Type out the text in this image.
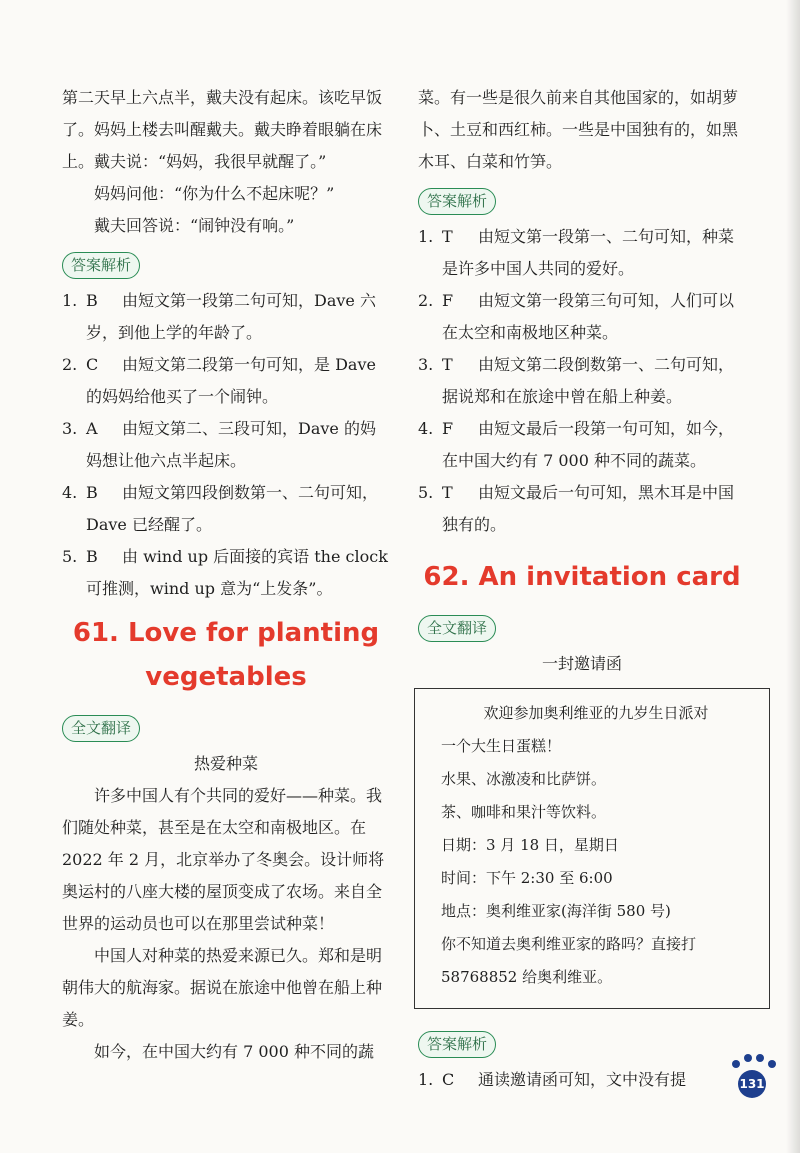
第二天早上六点半，戴夫没有起床。该吃早饭了。妈妈上楼去叫醒戴夫。戴夫睁着眼躺在床上。戴夫说：“妈妈，我很早就醒了。”

妈妈问他：“你为什么不起床呢？”

戴夫回答说：“闹钟没有响。”

答案解析
1. B 由短文第一段第二句可知，Dave 六岁，到他上学的年龄了。
2. C 由短文第二段第一句可知，是 Dave 的妈妈给他买了一个闹钟。
3. A 由短文第二、三段可知，Dave 的妈妈想让他六点半起床。
4. B 由短文第四段倒数第一、二句可知，Dave 已经醒了。
5. B 由 wind up 后面接的宾语 the clock 可推测，wind up 意为“上发条”。
61. Love for planting
vegetables
全文翻译

热爱种菜

许多中国人有个共同的爱好——种菜。我们随处种菜，甚至是在太空和南极地区。在 2022 年 2 月，北京举办了冬奥会。设计师将奥运村的八座大楼的屋顶变成了农场。来自全世界的运动员也可以在那里尝试种菜！

中国人对种菜的热爱来源已久。郑和是明朝伟大的航海家。据说在旅途中他曾在船上种姜。

如今，在中国大约有 7 000 种不同的蔬

菜。有一些是很久前来自其他国家的，如胡萝卜、土豆和西红柿。一些是中国独有的，如黑木耳、白菜和竹笋。

答案解析
1. T 由短文第一段第一、二句可知，种菜是许多中国人共同的爱好。
2. F 由短文第一段第三句可知，人们可以在太空和南极地区种菜。
3. T 由短文第二段倒数第一、二句可知，据说郑和在旅途中曾在船上种姜。
4. F 由短文最后一段第一句可知，如今，在中国大约有 7 000 种不同的蔬菜。
5. T 由短文最后一句可知，黑木耳是中国独有的。
62. An invitation card
全文翻译

一封邀请函

欢迎参加奥利维亚的九岁生日派对

一个大生日蛋糕！

水果、冰激凌和比萨饼。

茶、咖啡和果汁等饮料。

日期：3 月 18 日，星期日

时间：下午 2:30 至 6:00

地点：奥利维亚家(海洋街 580 号)

你不知道去奥利维亚家的路吗？直接打 58768852 给奥利维亚。

答案解析
1. C 通读邀请函可知，文中没有提	131
